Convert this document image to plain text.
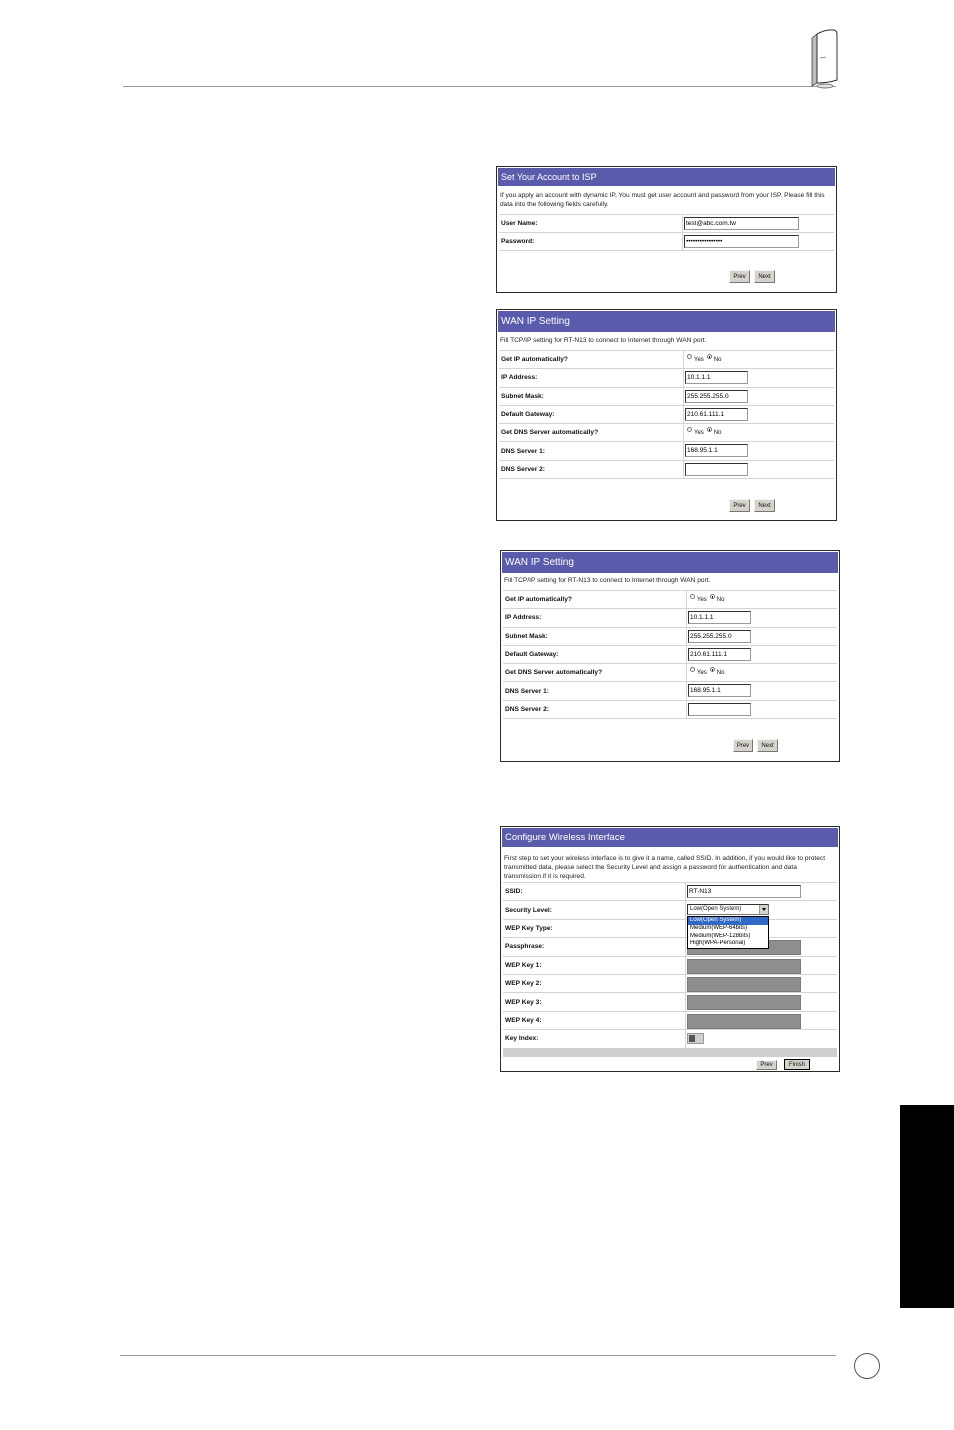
Set Your Account to ISP
If you apply an account with dynamic IP, You must get user account and password from your ISP. Please fill this data into the following fields carefully.
User Name:
test@abc.com.tw
Password:
••••••••••••••••
Prev	Next
WAN IP Setting
Fill TCP/IP setting for RT-N13 to connect to Internet through WAN port.
Get IP automatically?	Yes No
IP Address:
10.1.1.1
Subnet Mask:
255.255.255.0
Default Gateway:
210.61.111.1
Get DNS Server automatically?	Yes No
DNS Server 1:
168.95.1.1
DNS Server 2:
Prev	Next
WAN IP Setting
Fill TCP/IP setting for RT-N13 to connect to Internet through WAN port.
Get IP automatically?	Yes No
IP Address:
10.1.1.1
Subnet Mask:
255.255.255.0
Default Gateway:
210.61.111.1
Get DNS Server automatically?	Yes No
DNS Server 1:
168.95.1.1
DNS Server 2:
Prev	Next
Configure Wireless Interface
First step to set your wireless interface is to give it a name, called SSID. In addition, if you would like to protect transmitted data, please select the Security Level and assign a password for authentication and data transmission if it is required.
SSID:
RT-N13
Security Level:	Low(Open System)
WEP Key Type:
Passphrase:
WEP Key 1:
WEP Key 2:
WEP Key 3:
WEP Key 4:
Key Index:
Low(Open System)
Medium(WEP-64bits)
Medium(WEP-128bits)
High(WPA-Personal)
Prev	Finish
